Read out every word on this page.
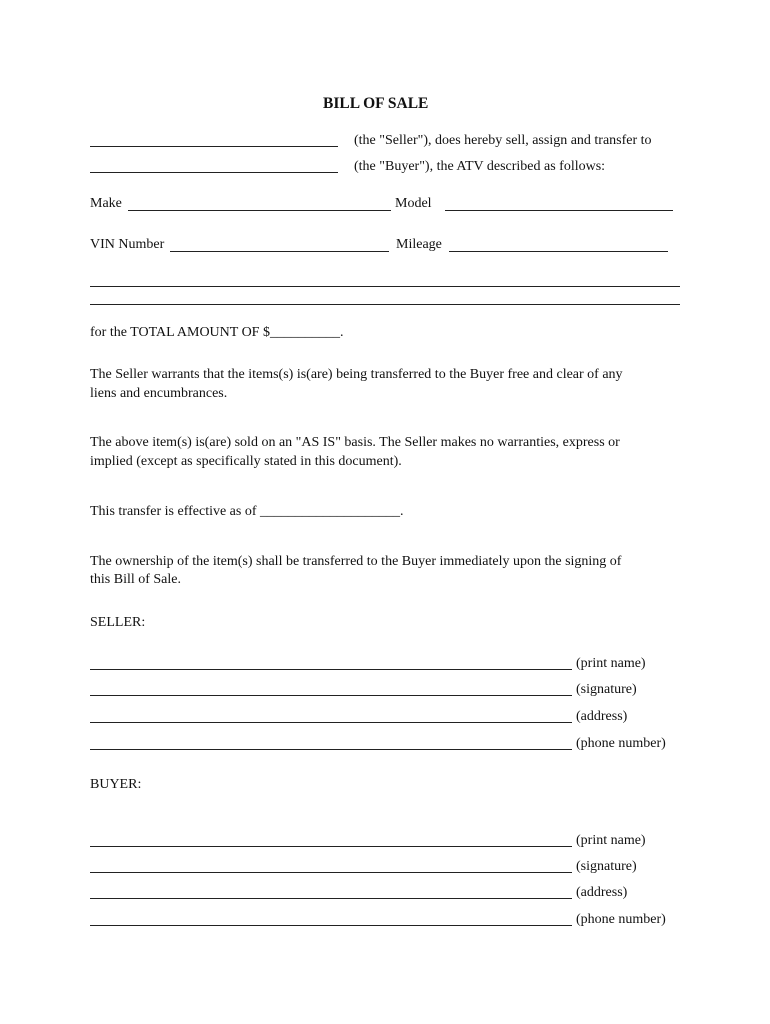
BILL OF SALE
(the "Seller"), does hereby sell, assign and transfer to
(the "Buyer"), the ATV described as follows:
Make	Model
VIN Number	Mileage
for the TOTAL AMOUNT OF $__________.
The Seller warrants that the items(s) is(are) being transferred to the Buyer free and clear of any
liens and encumbrances.
The above item(s) is(are) sold on an "AS IS" basis. The Seller makes no warranties, express or
implied (except as specifically stated in this document).
This transfer is effective as of ____________________.
The ownership of the item(s) shall be transferred to the Buyer immediately upon the signing of
this Bill of Sale.
SELLER:
(print name)
(signature)
(address)
(phone number)
BUYER:
(print name)
(signature)
(address)
(phone number)
